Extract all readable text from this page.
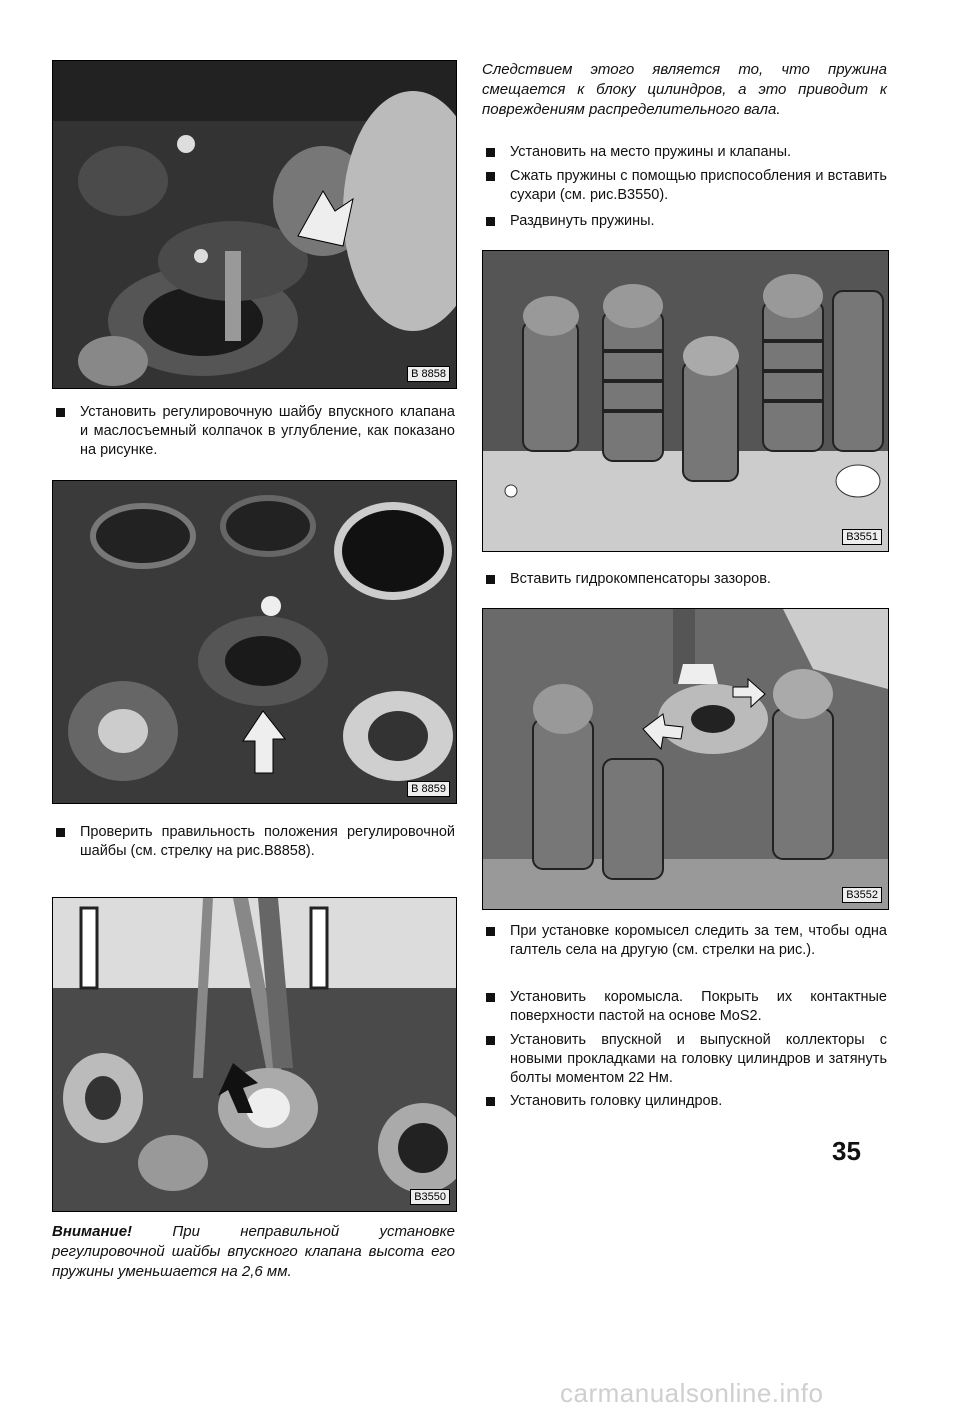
B 8858
Установить регулировочную шайбу впускного клапана и маслосъемный колпачок в углубление, как показано на рисунке.
B 8859
Проверить правильность положения регулировочной шайбы (см. стрелку на рис.B8858).
B3550
Внимание!	При неправильной установке регулировочной шайбы впускного клапана высота его пружины уменьшается на 2,6 мм.
Следствием этого является то, что пружина смещается к блоку цилиндров, а это приводит к повреждениям распределительного вала.
Установить на место пружины и клапаны.
Сжать пружины с помощью приспособления и вставить сухари (см. рис.B3550).
Раздвинуть пружины.
B3551
Вставить гидрокомпенсаторы зазоров.
B3552
При установке коромысел следить за тем, чтобы одна галтель села на другую (см. стрелки на рис.).
Установить коромысла. Покрыть их контактные поверхности пастой на основе MoS2.
Установить впускной и выпускной коллекторы с новыми прокладками на головку цилиндров и затянуть болты моментом 22 Нм.
Установить головку цилиндров.
35
carmanualsonline.info
